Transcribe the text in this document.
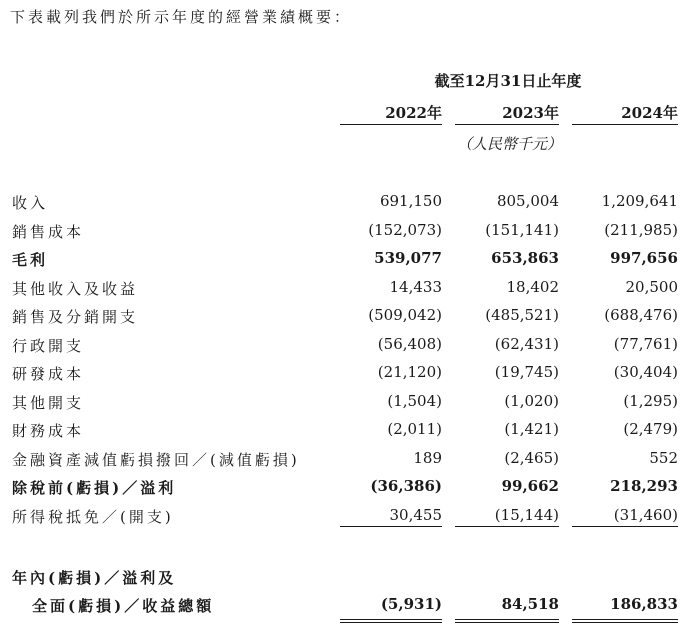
下表載列我們於所示年度的經營業績概要：
截至12月31日止年度
2022年	2023年	2024年
（人民幣千元）
收入	691,150	805,004	1,209,641
銷售成本	(152,073)	(151,141)	(211,985)
毛利	539,077	653,863	997,656
其他收入及收益	14,433	18,402	20,500
銷售及分銷開支	(509,042)	(485,521)	(688,476)
行政開支	(56,408)	(62,431)	(77,761)
研發成本	(21,120)	(19,745)	(30,404)
其他開支	(1,504)	(1,020)	(1,295)
財務成本	(2,011)	(1,421)	(2,479)
金融資產減值虧損撥回／(減值虧損)	189	(2,465)	552
除稅前(虧損)／溢利	(36,386)	99,662	218,293
所得稅抵免／(開支)	30,455	(15,144)	(31,460)
年內(虧損)／溢利及
全面(虧損)／收益總額	(5,931)	84,518	186,833
